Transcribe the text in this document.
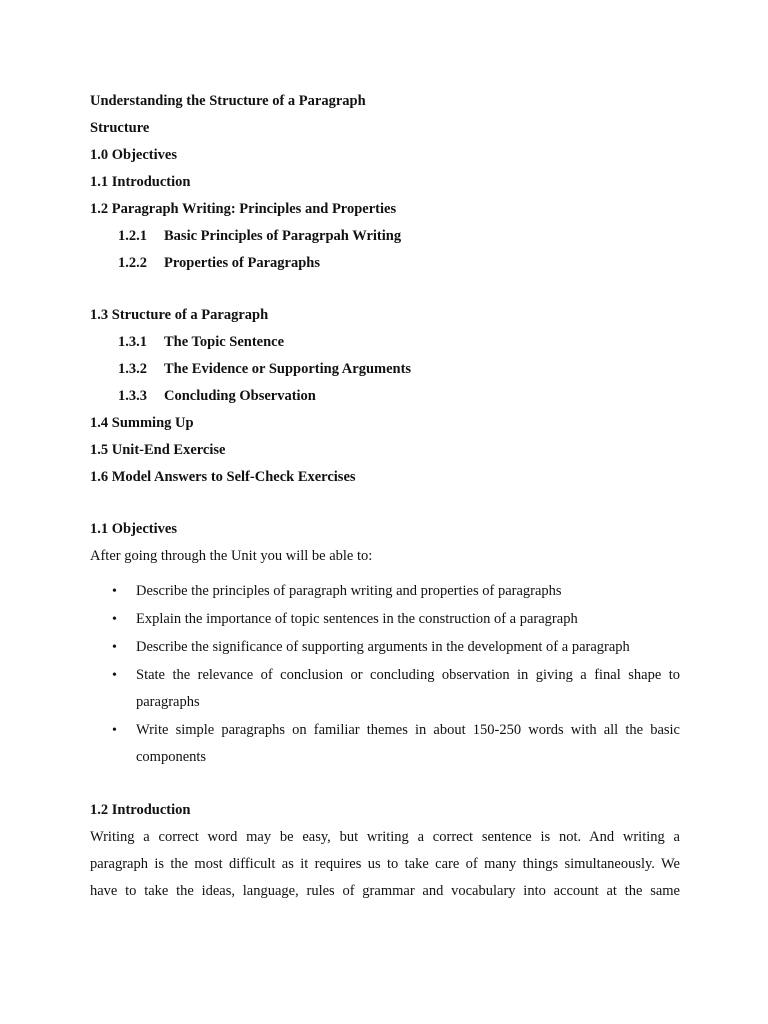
Understanding the Structure of a Paragraph
Structure
1.0 Objectives
1.1 Introduction
1.2 Paragraph Writing: Principles and Properties
1.2.1 Basic Principles of Paragrpah Writing
1.2.2 Properties of Paragraphs
1.3 Structure of a Paragraph
1.3.1 The Topic Sentence
1.3.2 The Evidence or Supporting Arguments
1.3.3 Concluding Observation
1.4 Summing Up
1.5 Unit-End Exercise
1.6 Model Answers to Self-Check Exercises
1.1 Objectives
After going through the Unit you will be able to:
• Describe the principles of paragraph writing and properties of paragraphs
• Explain the importance of topic sentences in the construction of a paragraph
• Describe the significance of supporting arguments in the development of a paragraph
• State the relevance of conclusion or concluding observation in giving a final shape to paragraphs
• Write simple paragraphs on familiar themes in about 150-250 words with all the basic components
1.2 Introduction
Writing a correct word may be easy, but writing a correct sentence is not. And writing a
paragraph is the most difficult as it requires us to take care of many things simultaneously. We
have to take the ideas, language, rules of grammar and vocabulary into account at the same
